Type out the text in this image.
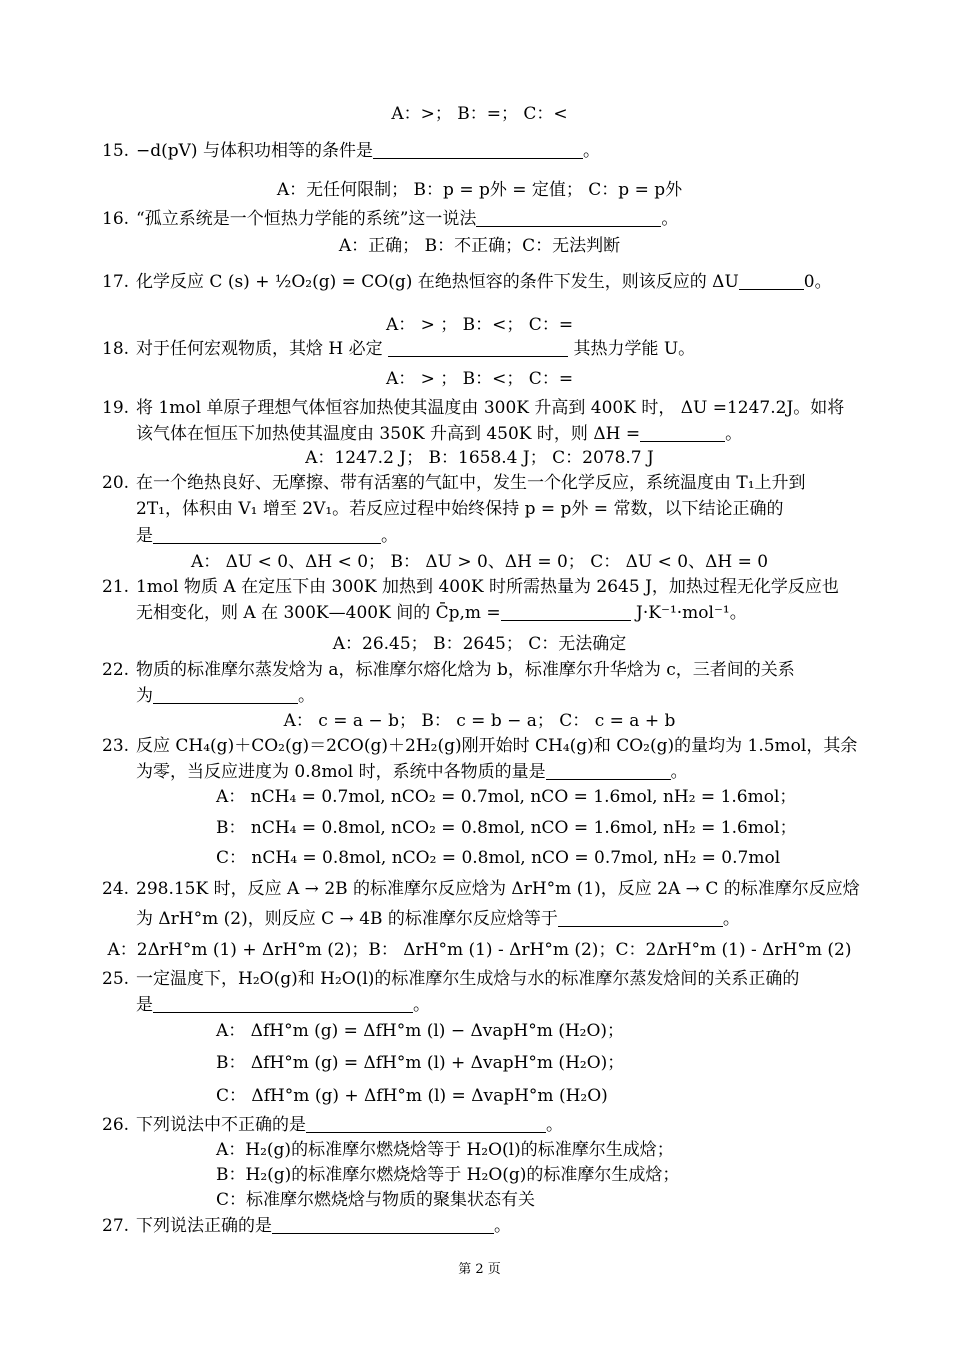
A：>； B：=； C：<
15. −d(pV) 与体积功相等的条件是	。
A：无任何限制； B：p = p外 = 定值； C：p = p外
16. “孤立系统是一个恒热力学能的系统”这一说法	。
A：正确； B：不正确；C：无法判断
17. 化学反应 C (s) + ½O₂(g) = CO(g) 在绝热恒容的条件下发生，则该反应的 ΔU	0。
A： > ； B：<； C：=
18. 对于任何宏观物质，其焓 H 必定	其热力学能 U。
A： > ； B：<； C：=
19. 将 1mol 单原子理想气体恒容加热使其温度由 300K 升高到 400K 时， ΔU =1247.2J。如将
该气体在恒压下加热使其温度由 350K 升高到 450K 时，则 ΔH =	。
A：1247.2 J； B：1658.4 J； C：2078.7 J
20. 在一个绝热良好、无摩擦、带有活塞的气缸中，发生一个化学反应，系统温度由 T₁上升到
2T₁，体积由 V₁ 增至 2V₁。若反应过程中始终保持 p = p外 = 常数，以下结论正确的
是	。
A： ΔU < 0、ΔH < 0； B： ΔU > 0、ΔH = 0； C： ΔU < 0、ΔH = 0
21. 1mol 物质 A 在定压下由 300K 加热到 400K 时所需热量为 2645 J，加热过程无化学反应也
无相变化，则 A 在 300K—400K 间的 C̄p,m =	J·K⁻¹·mol⁻¹。
A：26.45； B：2645； C：无法确定
22. 物质的标准摩尔蒸发焓为 a，标准摩尔熔化焓为 b，标准摩尔升华焓为 c，三者间的关系
为	。
A： c = a − b； B： c = b − a； C： c = a + b
23. 反应 CH₄(g)＋CO₂(g)＝2CO(g)＋2H₂(g)刚开始时 CH₄(g)和 CO₂(g)的量均为 1.5mol，其余
为零，当反应进度为 0.8mol 时，系统中各物质的量是	。
A： nCH₄ = 0.7mol, nCO₂ = 0.7mol, nCO = 1.6mol, nH₂ = 1.6mol；
B： nCH₄ = 0.8mol, nCO₂ = 0.8mol, nCO = 1.6mol, nH₂ = 1.6mol；
C： nCH₄ = 0.8mol, nCO₂ = 0.8mol, nCO = 0.7mol, nH₂ = 0.7mol
24. 298.15K 时，反应 A → 2B 的标准摩尔反应焓为 ΔrH°m (1)，反应 2A → C 的标准摩尔反应焓
为 ΔrH°m (2)，则反应 C → 4B 的标准摩尔反应焓等于	。
A：2ΔrH°m (1) + ΔrH°m (2)；B： ΔrH°m (1) - ΔrH°m (2)；C：2ΔrH°m (1) - ΔrH°m (2)
25. 一定温度下，H₂O(g)和 H₂O(l)的标准摩尔生成焓与水的标准摩尔蒸发焓间的关系正确的
是	。
A： ΔfH°m (g) = ΔfH°m (l) − ΔvapH°m (H₂O)；
B： ΔfH°m (g) = ΔfH°m (l) + ΔvapH°m (H₂O)；
C： ΔfH°m (g) + ΔfH°m (l) = ΔvapH°m (H₂O)
26. 下列说法中不正确的是	。
A：H₂(g)的标准摩尔燃烧焓等于 H₂O(l)的标准摩尔生成焓；
B：H₂(g)的标准摩尔燃烧焓等于 H₂O(g)的标准摩尔生成焓；
C：标准摩尔燃烧焓与物质的聚集状态有关
27. 下列说法正确的是	。
第 2 页
